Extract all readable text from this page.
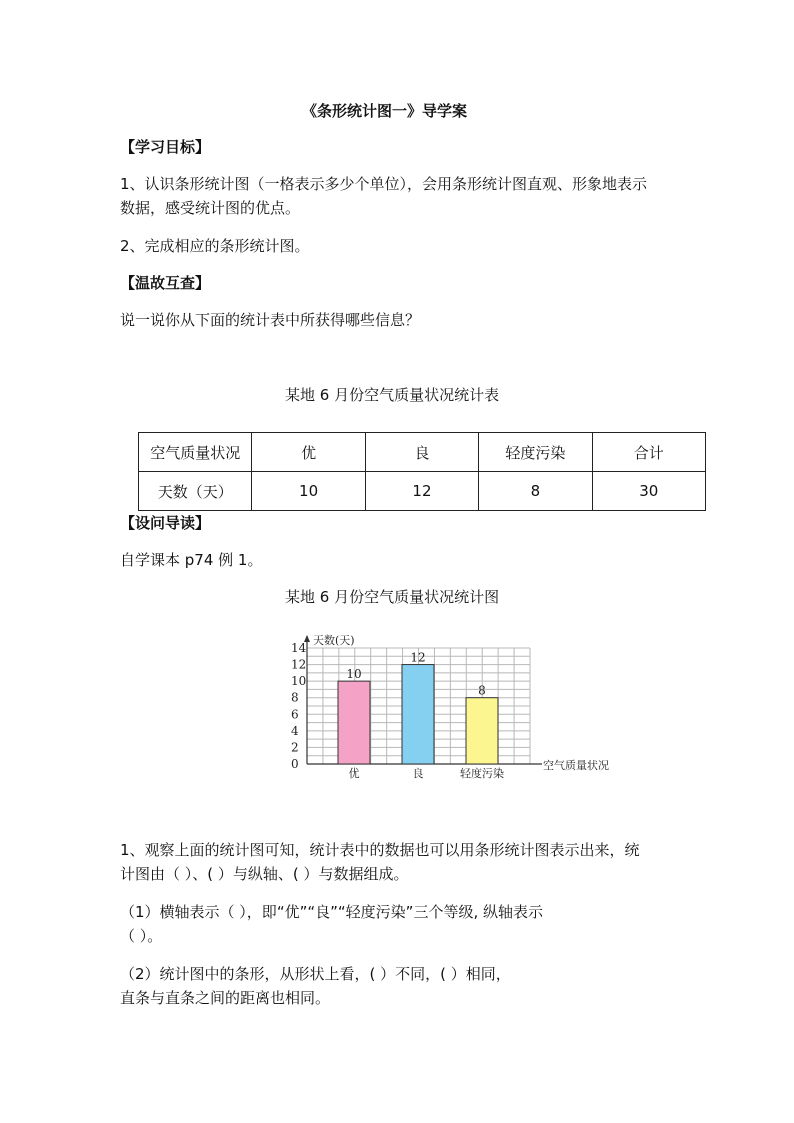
《条形统计图一》导学案
【学习目标】
1、认识条形统计图（一格表示多少个单位），会用条形统计图直观、形象地表示
数据，感受统计图的优点。
2、完成相应的条形统计图。
【温故互查】
说一说你从下面的统计表中所获得哪些信息？
某地 6 月份空气质量状况统计表
空气质量状况	优	良	轻度污染	合计
天数（天）	10	12	8	30
【设问导读】
自学课本 p74 例 1。
某地 6 月份空气质量状况统计图
0
2
4
6
8
10
12
14
天数(天)
10
优
12
良
8
轻度污染
空气质量状况
1、观察上面的统计图可知，统计表中的数据也可以用条形统计图表示出来，统
计图由（ ）、( ）与纵轴、( ）与数据组成。
（1）横轴表示（ ），即“优”“良”“轻度污染”三个等级, 纵轴表示
（ ）。
（2）统计图中的条形，从形状上看，( ）不同，( ）相同，
直条与直条之间的距离也相同。
